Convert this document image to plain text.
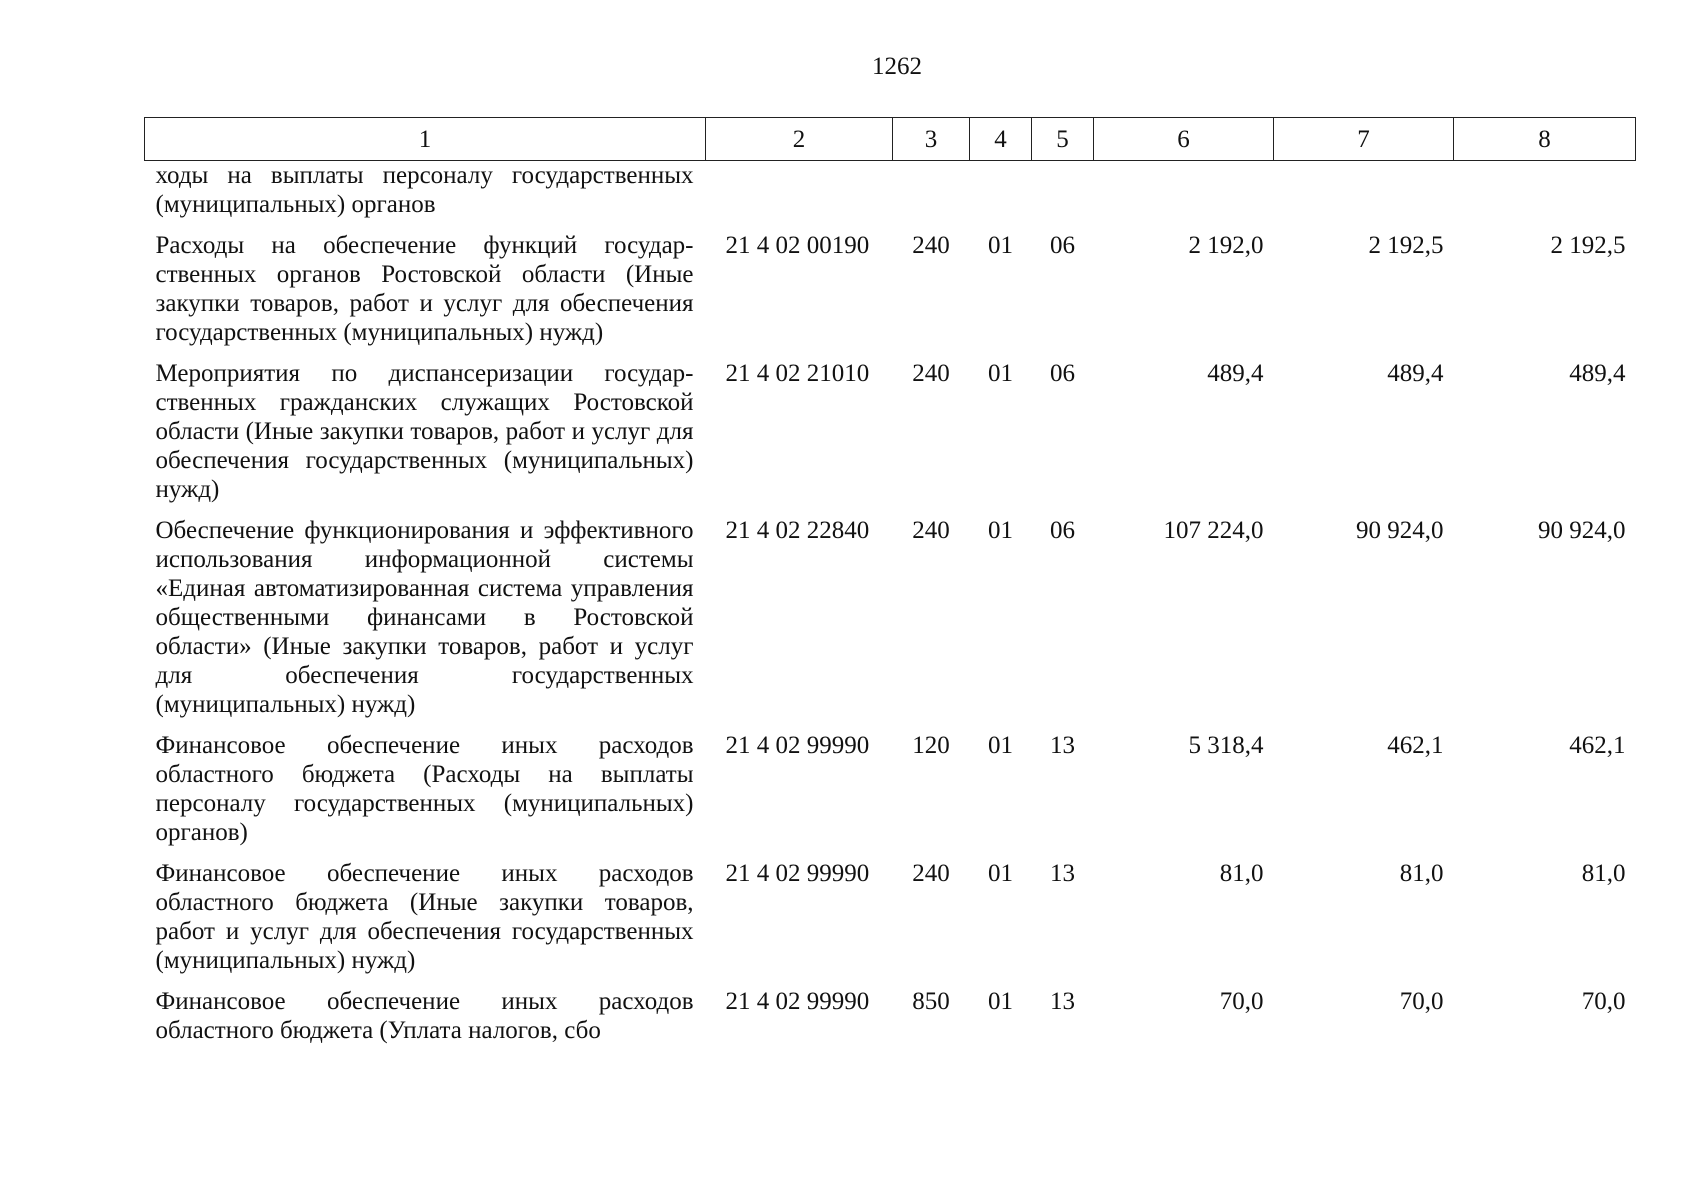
1262
1	2	3	4	5	6	7	8
ходы на выплаты персоналу государственных (муниципальных) органов							
Расходы на обеспечение функций государственных органов Ростовской области (Иные закупки товаров, работ и услуг для обеспечения государственных (муниципальных) нужд)	21 4 02 00190	240	01	06	2 192,0	2 192,5	2 192,5
Мероприятия по диспансеризации государственных гражданских служащих Ростовской области (Иные закупки товаров, работ и услуг для обеспечения государственных (муниципальных) нужд)	21 4 02 21010	240	01	06	489,4	489,4	489,4
Обеспечение функционирования и эффективного использования информационной системы «Единая автоматизированная система управления общественными финансами в Ростовской области» (Иные закупки товаров, работ и услуг для обеспечения государственных (муниципальных) нужд)	21 4 02 22840	240	01	06	107 224,0	90 924,0	90 924,0
Финансовое обеспечение иных расходов областного бюджета (Расходы на выплаты персоналу государственных (муниципальных) органов)	21 4 02 99990	120	01	13	5 318,4	462,1	462,1
Финансовое обеспечение иных расходов областного бюджета (Иные закупки товаров, работ и услуг для обеспечения государственных (муниципальных) нужд)	21 4 02 99990	240	01	13	81,0	81,0	81,0
Финансовое обеспечение иных расходов областного бюджета (Уплата налогов, сбо	21 4 02 99990	850	01	13	70,0	70,0	70,0
